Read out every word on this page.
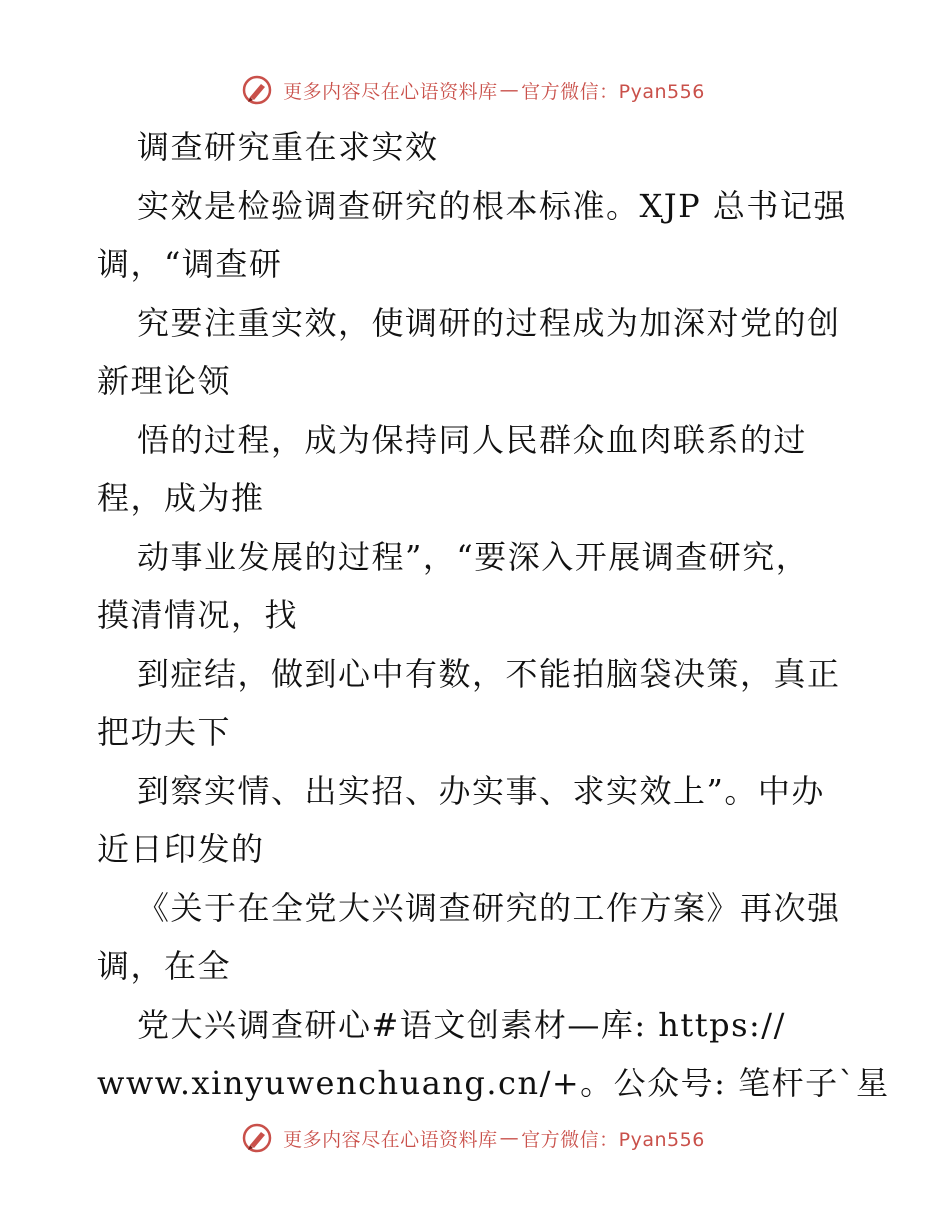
更多内容尽在心语资料库 — 官方微信：Pyan556
调查研究重在求实效
实效是检验调查研究的根本标准。XJP 总书记强
调，“调查研
究要注重实效，使调研的过程成为加深对党的创
新理论领
悟的过程，成为保持同人民群众血肉联系的过
程，成为推
动事业发展的过程”，“要深入开展调查研究，
摸清情况，找
到症结，做到心中有数，不能拍脑袋决策，真正
把功夫下
到察实情、出实招、办实事、求实效上”。中办
近日印发的
《关于在全党大兴调查研究的工作方案》再次强
调，在全
党大兴调查研心#语文创素材—库: https://
www.xinyuwenchuang.cn/+。公众号: 笔杆子`星
更多内容尽在心语资料库 — 官方微信：Pyan556
